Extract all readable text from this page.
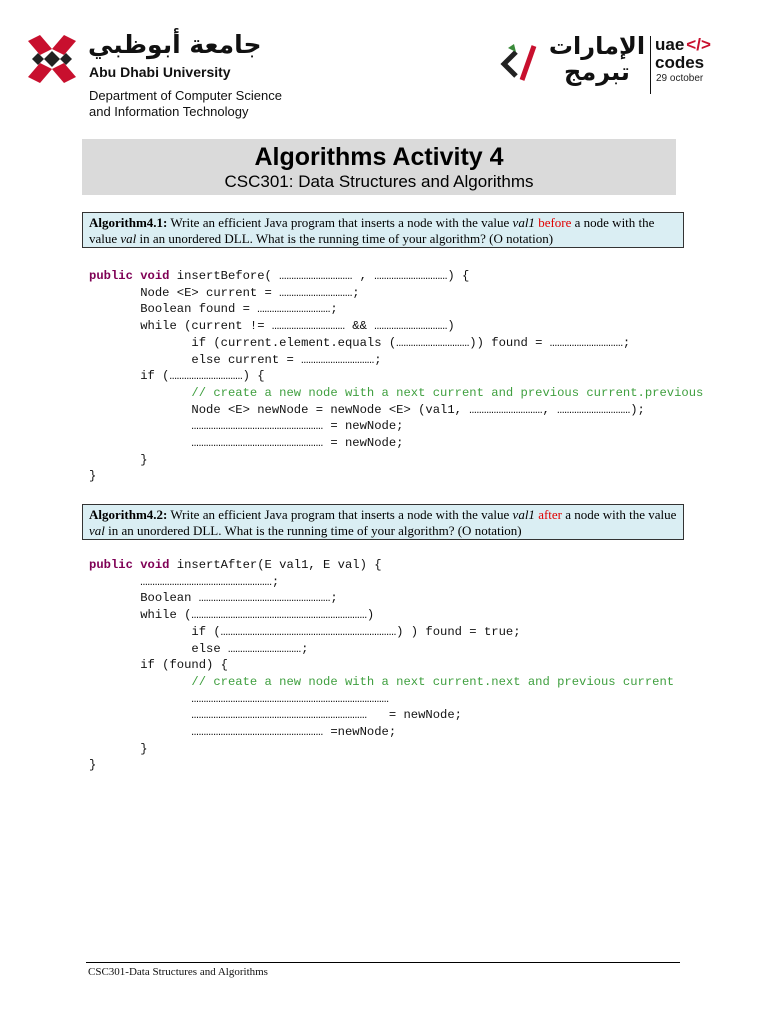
جامعة أبوظبي
Abu Dhabi University
Department of Computer Science
and Information Technology
الإمارات تبرمج
uae </>
codes
29 october
Algorithms Activity 4
CSC301: Data Structures and Algorithms
Algorithm4.1: Write an efficient Java program that inserts a node with the value val1 before a node with the value val in an unordered DLL. What is the running time of your algorithm? (O notation)
public void insertBefore( ………………………… , …………………………) {
Node <E> current = …………………………;
Boolean found = …………………………;
while (current != ………………………… && …………………………)
if (current.element.equals (…………………………)) found = …………………………;
else current = …………………………;
if (…………………………) {
// create a new node with a next current and previous current.previous
Node <E> newNode = newNode <E> (val1, …………………………, …………………………);
……………………………………………… = newNode;
……………………………………………… = newNode;
}
}
Algorithm4.2: Write an efficient Java program that inserts a node with the value val1 after a node with the value val in an unordered DLL. What is the running time of your algorithm? (O notation)
public void insertAfter(E val1, E val) {
………………………………………………;
Boolean ………………………………………………;
while (………………………………………………………………)
if (………………………………………………………………) ) found = true;
else …………………………;
if (found) {
// create a new node with a next current.next and previous current
………………………………………………………………………
………………………………………………………………   = newNode;
……………………………………………… =newNode;
}
}
CSC301-Data Structures and Algorithms
